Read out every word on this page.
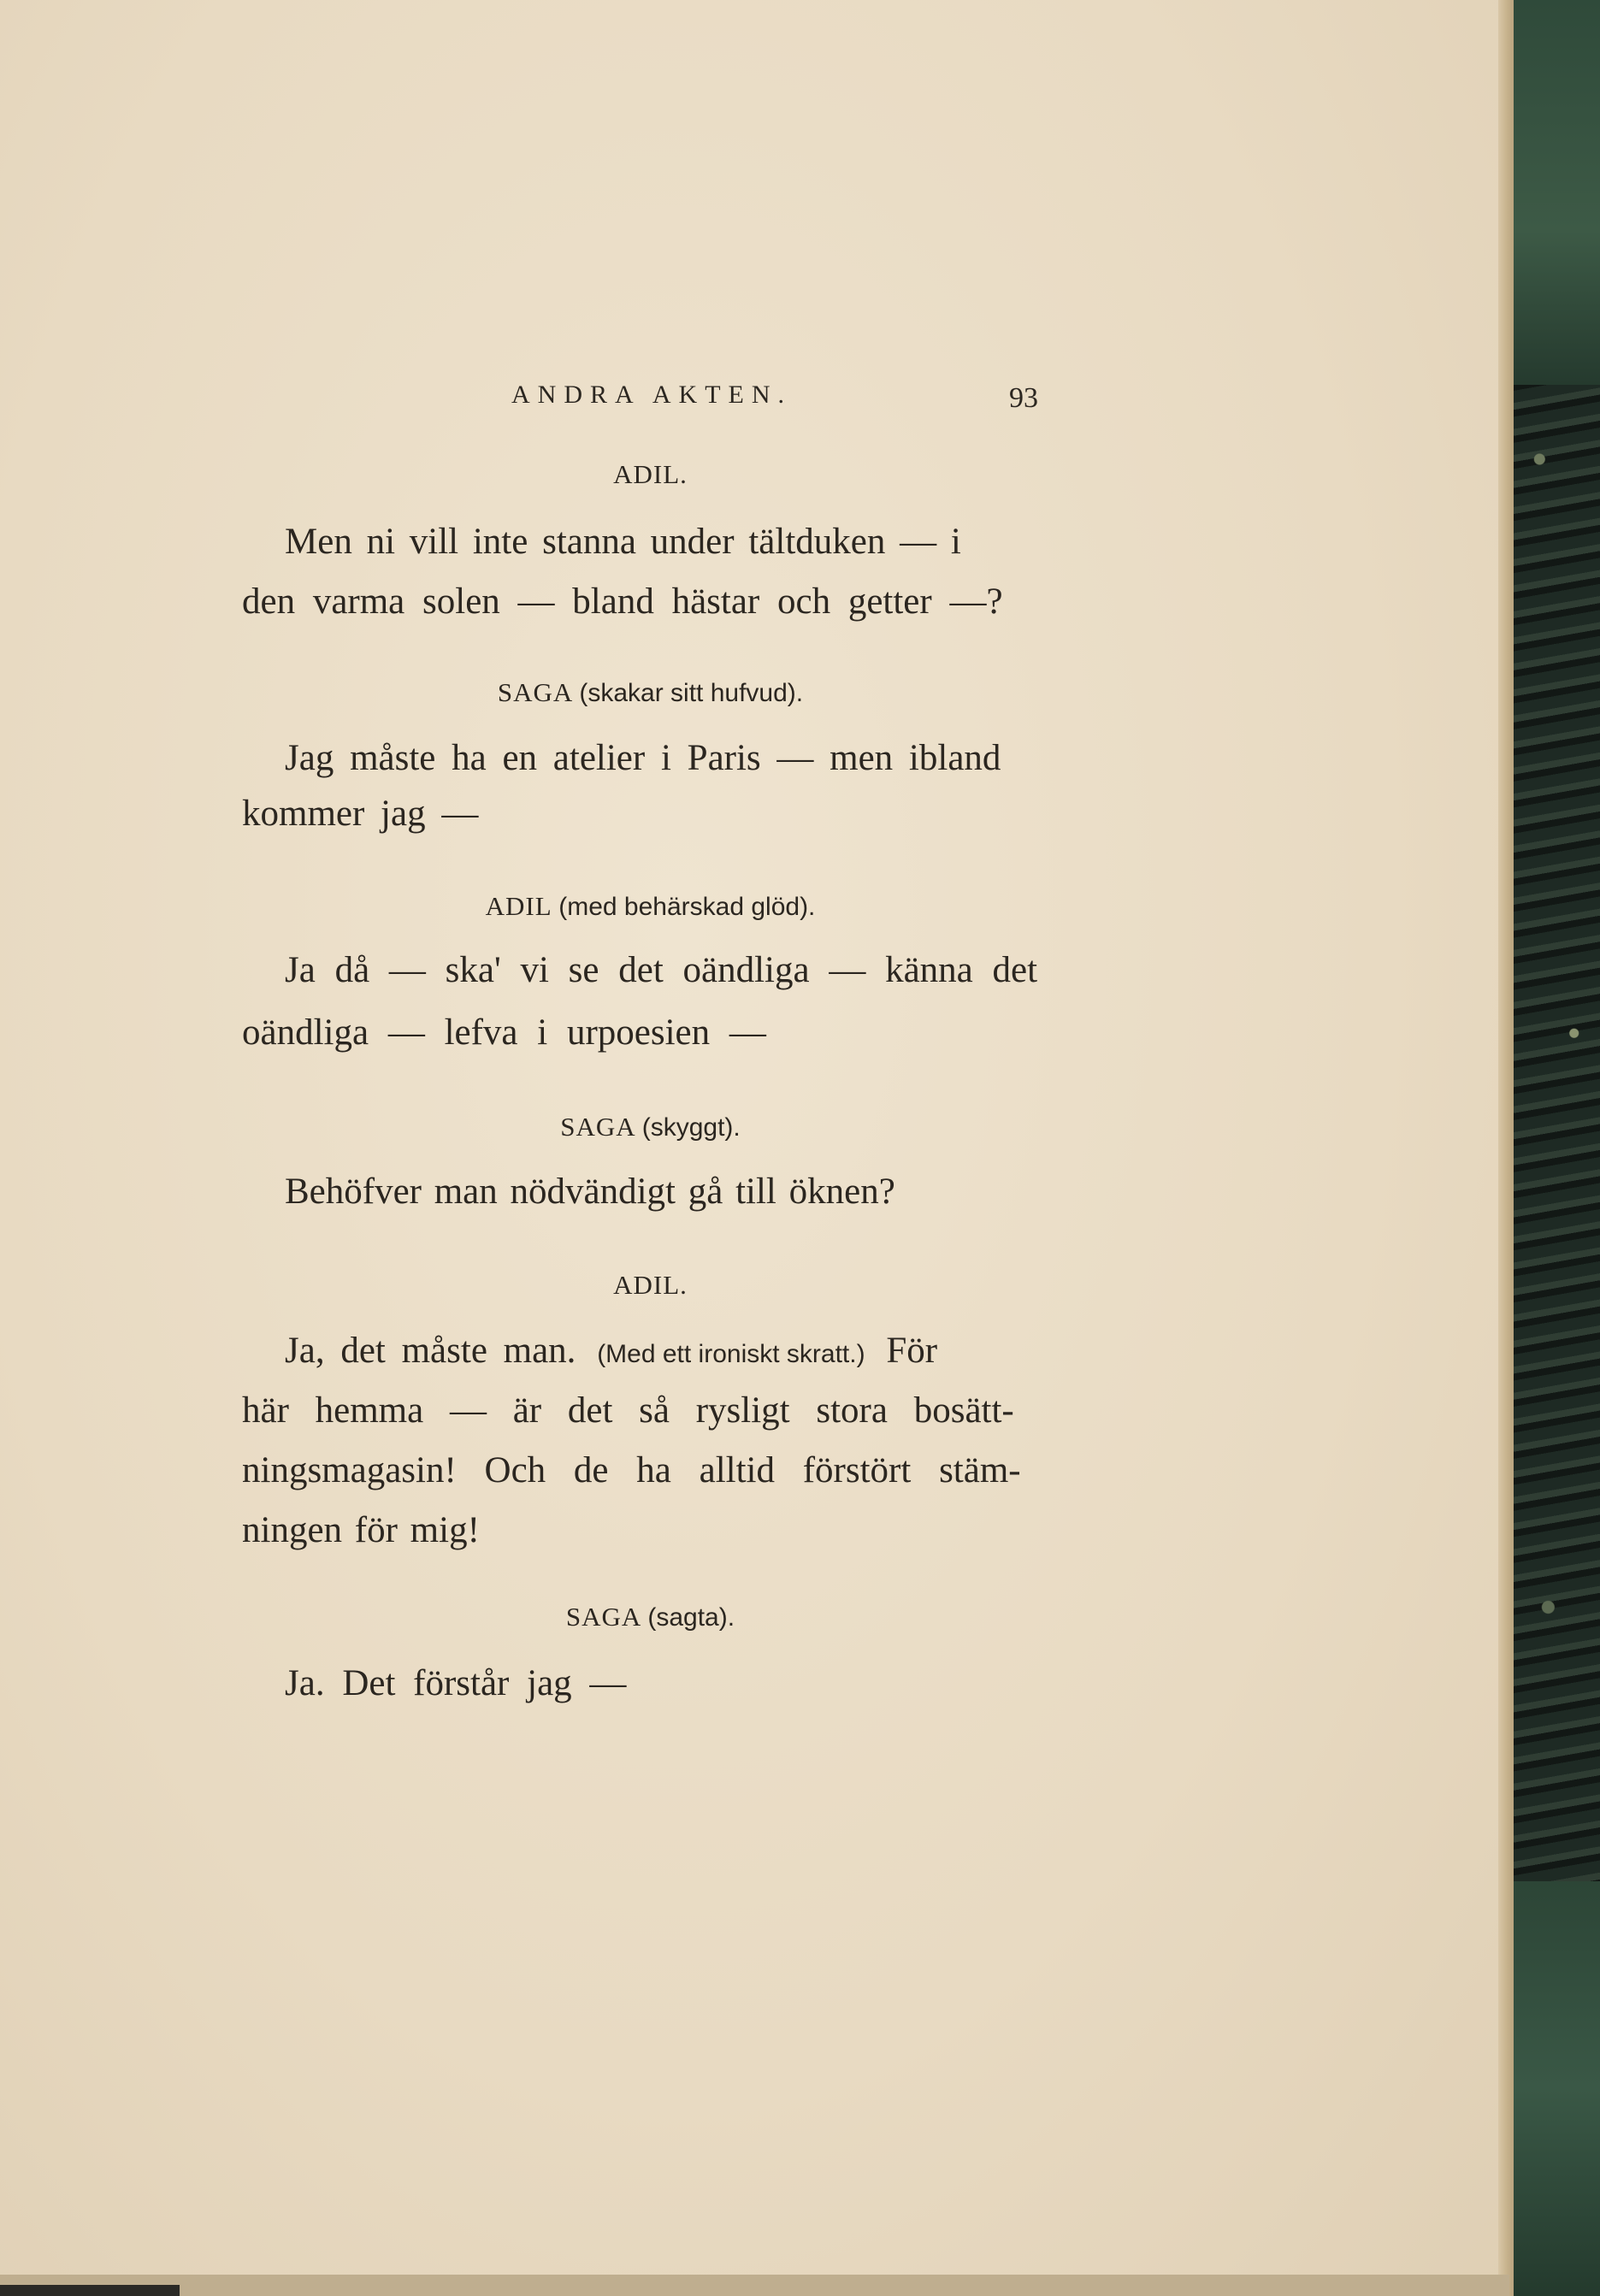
ANDRA AKTEN.	93
ADIL.
Men ni vill inte stanna under tältduken — i
den varma solen — bland hästar och getter —?
SAGA (skakar sitt hufvud).
Jag måste ha en atelier i Paris — men ibland
kommer jag —
ADIL (med behärskad glöd).
Ja då — ska' vi se det oändliga — känna det
oändliga — lefva i urpoesien —
SAGA (skyggt).
Behöfver man nödvändigt gå till öknen?
ADIL.
Ja, det måste man. (Med ett ironiskt skratt.) För
här hemma — är det så rysligt stora bosätt-
ningsmagasin! Och de ha alltid förstört stäm-
ningen för mig!
SAGA (sagta).
Ja. Det förstår jag —
